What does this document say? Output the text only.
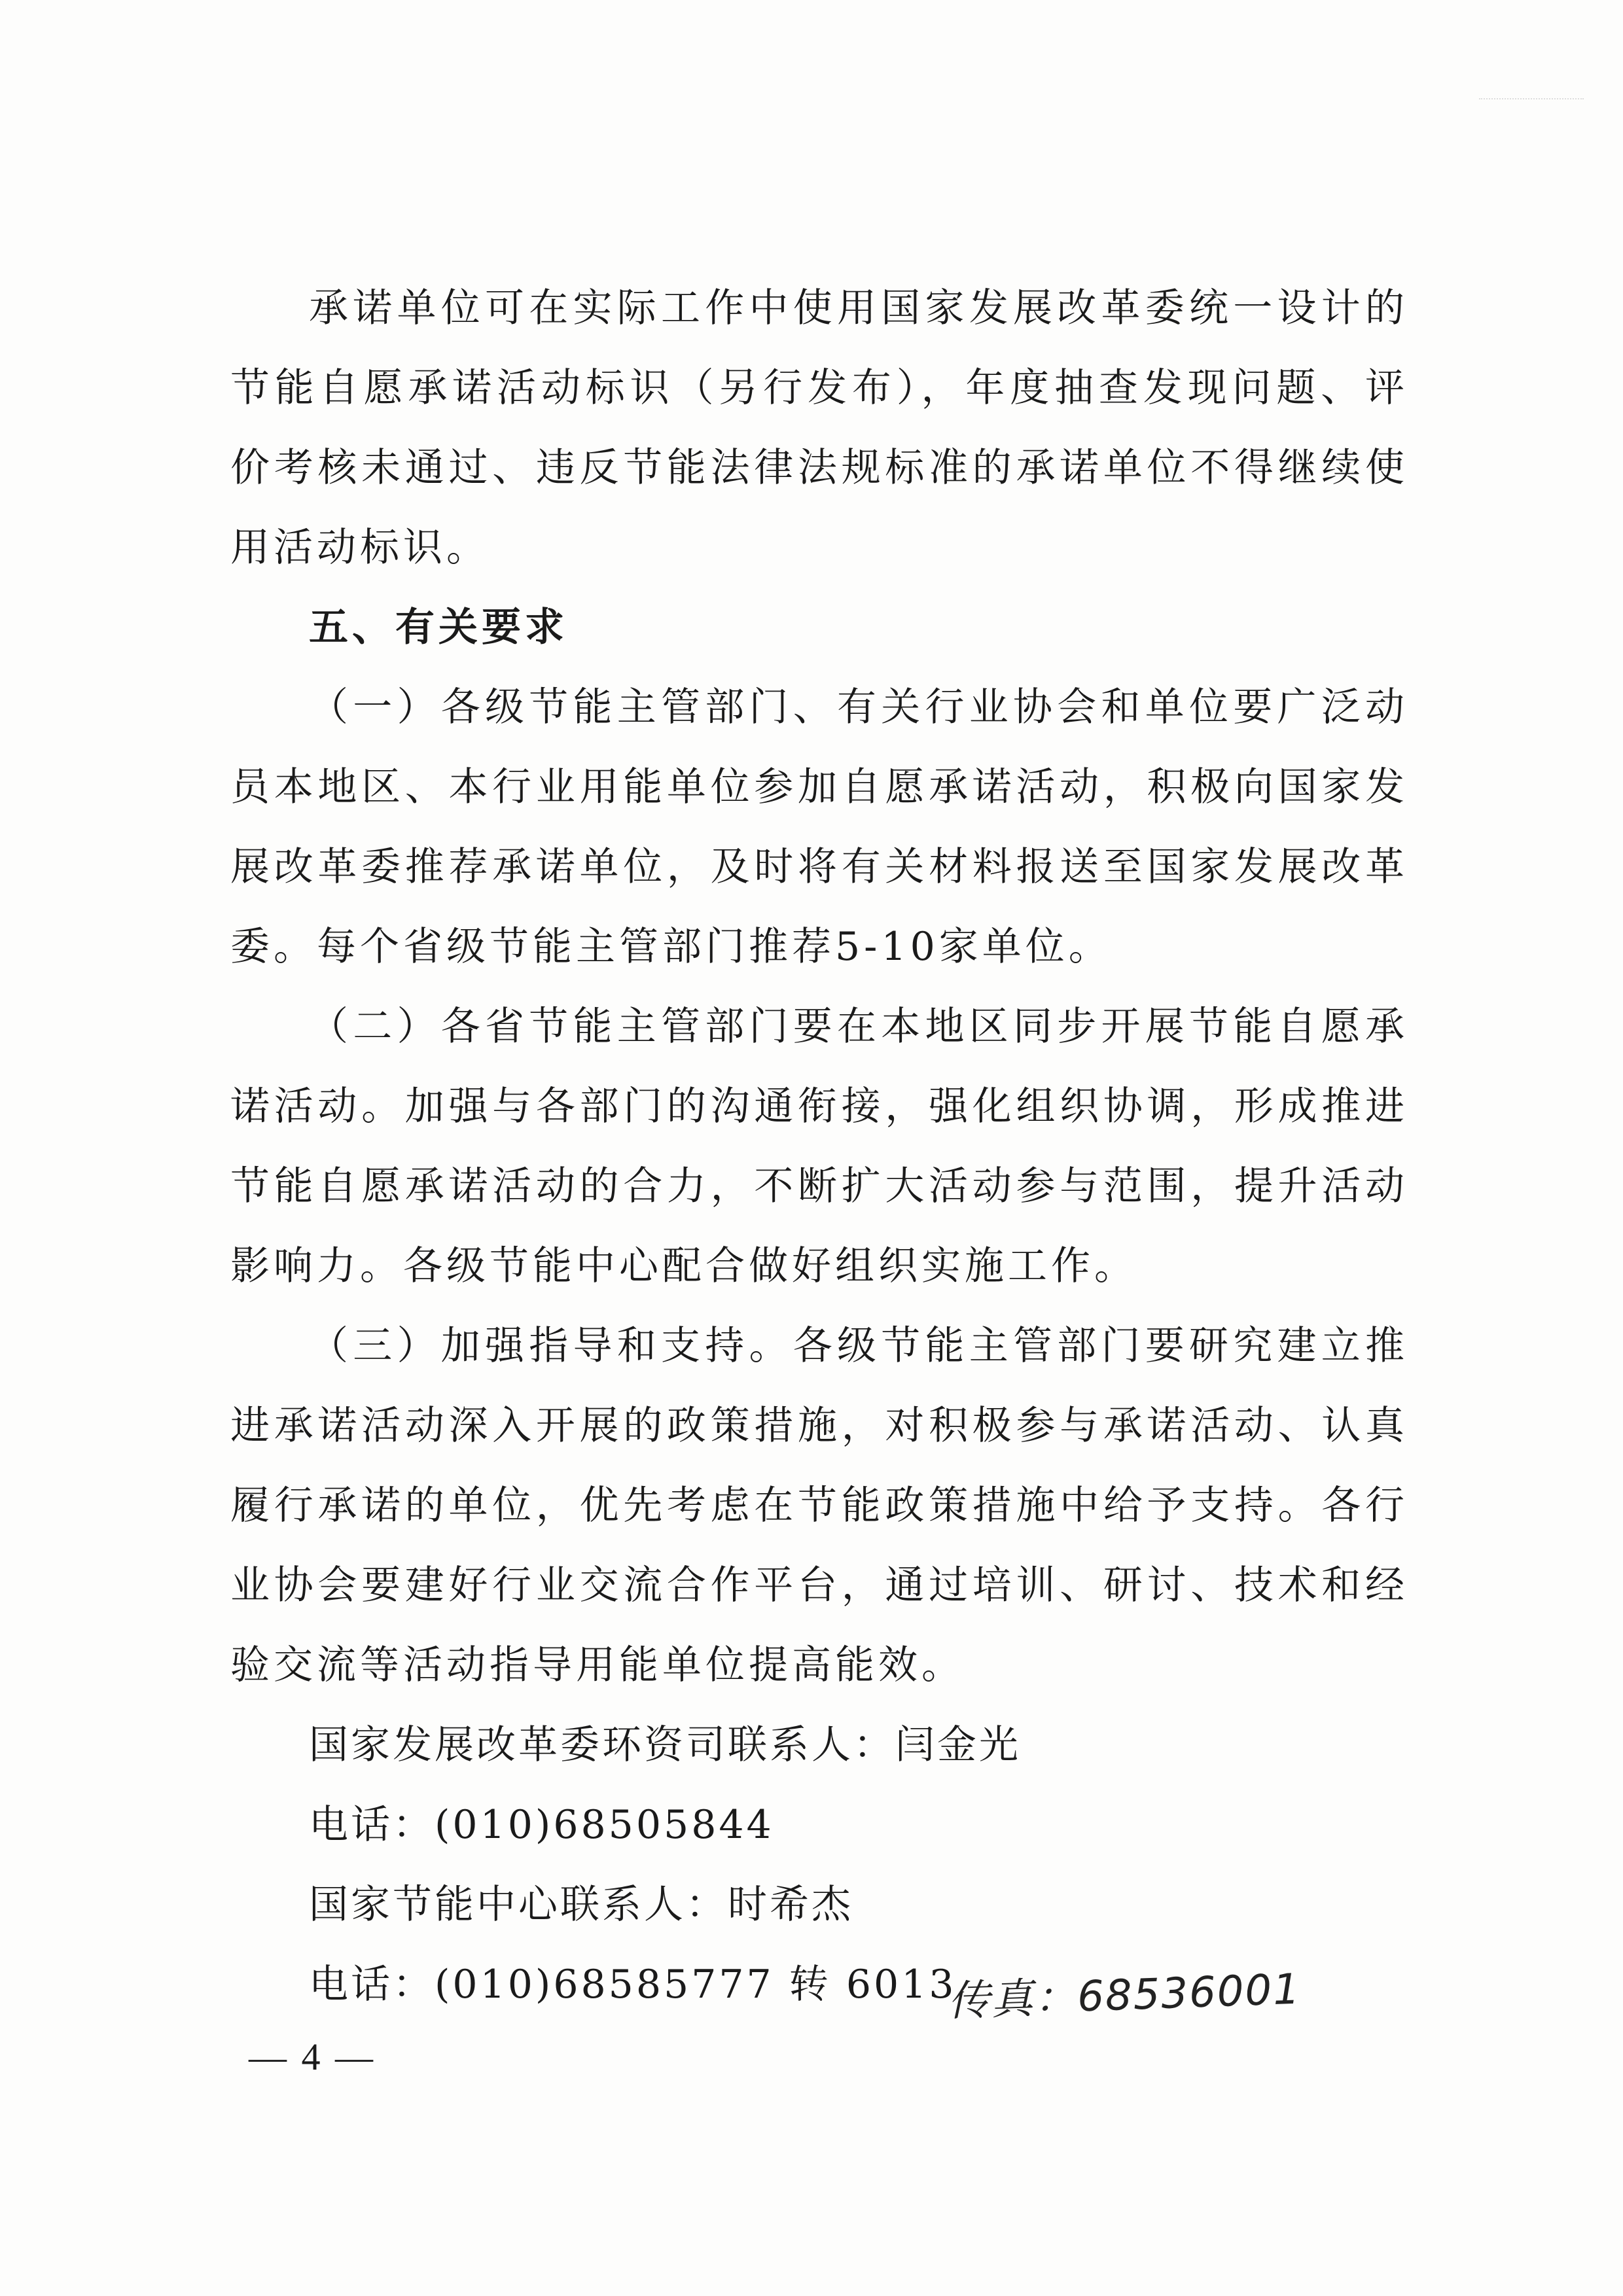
承诺单位可在实际工作中使用国家发展改革委统一设计的节能自愿承诺活动标识（另行发布），年度抽查发现问题、评价考核未通过、违反节能法律法规标准的承诺单位不得继续使用活动标识。

五、有关要求

（一）各级节能主管部门、有关行业协会和单位要广泛动员本地区、本行业用能单位参加自愿承诺活动，积极向国家发展改革委推荐承诺单位，及时将有关材料报送至国家发展改革委。每个省级节能主管部门推荐5-10家单位。

（二）各省节能主管部门要在本地区同步开展节能自愿承诺活动。加强与各部门的沟通衔接，强化组织协调，形成推进节能自愿承诺活动的合力，不断扩大活动参与范围，提升活动影响力。各级节能中心配合做好组织实施工作。

（三）加强指导和支持。各级节能主管部门要研究建立推进承诺活动深入开展的政策措施，对积极参与承诺活动、认真履行承诺的单位，优先考虑在节能政策措施中给予支持。各行业协会要建好行业交流合作平台，通过培训、研讨、技术和经验交流等活动指导用能单位提高能效。

国家发展改革委环资司联系人：闫金光

电话：(010)68505844

国家节能中心联系人：时希杰

电话：(010)68585777 转 6013

传真：68536001
— 4 —
